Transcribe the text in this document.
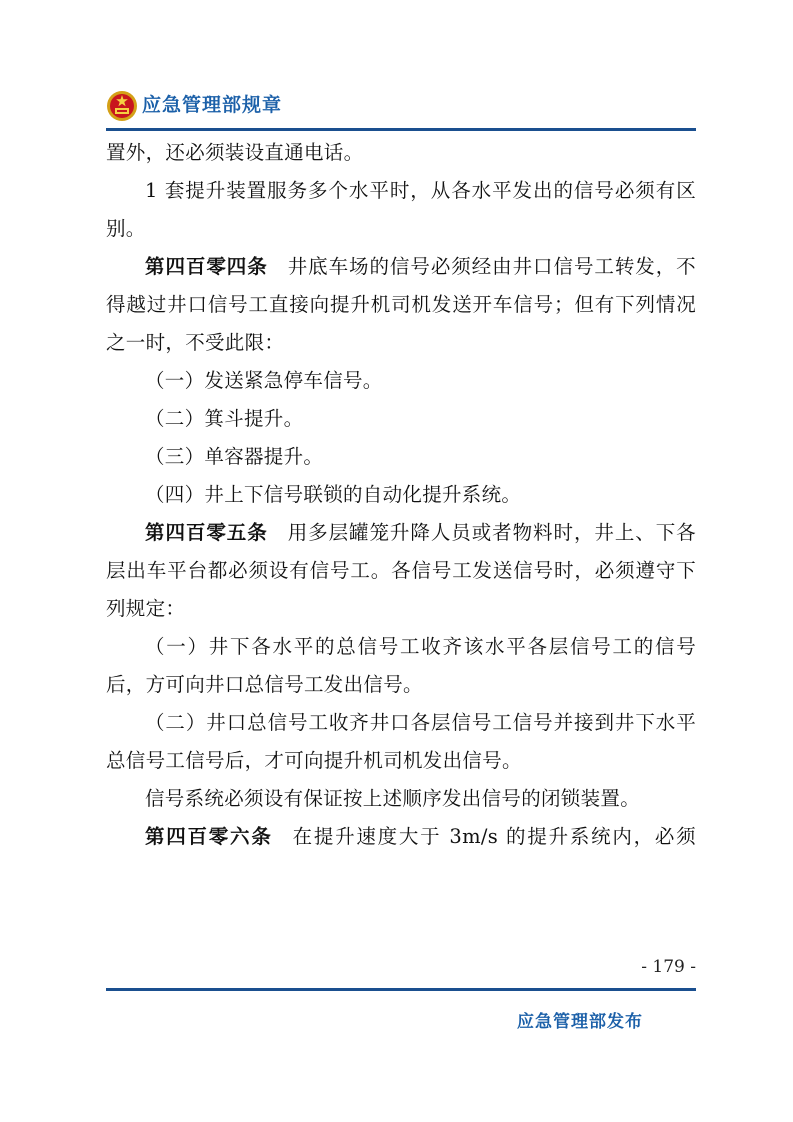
应急管理部规章

置外，还必须装设直通电话。

1 套提升装置服务多个水平时，从各水平发出的信号必须有区别。

第四百零四条 井底车场的信号必须经由井口信号工转发，不得越过井口信号工直接向提升机司机发送开车信号；但有下列情况之一时，不受此限：

（一）发送紧急停车信号。

（二）箕斗提升。

（三）单容器提升。

（四）井上下信号联锁的自动化提升系统。

第四百零五条 用多层罐笼升降人员或者物料时，井上、下各层出车平台都必须设有信号工。各信号工发送信号时，必须遵守下列规定：

（一）井下各水平的总信号工收齐该水平各层信号工的信号后，方可向井口总信号工发出信号。

（二）井口总信号工收齐井口各层信号工信号并接到井下水平总信号工信号后，才可向提升机司机发出信号。

信号系统必须设有保证按上述顺序发出信号的闭锁装置。

第四百零六条 在提升速度大于 3m/s 的提升系统内，必须

- 179 -
应急管理部发布
